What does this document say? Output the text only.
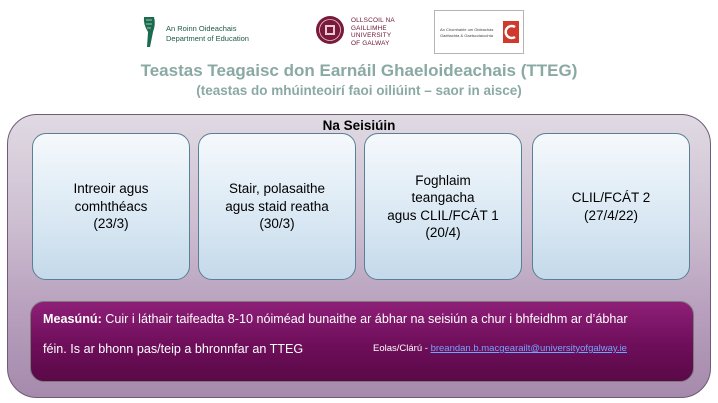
An Roinn Oideachais
Department of Education
OLLSCOIL NA
GAILLIMHE
UNIVERSITY
OF GALWAY
An Chomhairle um Oideachas
Gaeltachta & Gaelscolaíochta
Teastas Teagaisc don Earnáil Ghaeloideachais (TTEG)
(teastas do mhúinteoirí faoi oiliúint – saor in aisce)
Na Seisiúin
Intreoir agus
comhthéacs
(23/3)
Stair, polasaithe
agus staid reatha
(30/3)
Foghlaim
teangacha
agus CLIL/FCÁT 1
(20/4)
CLIL/FCÁT 2
(27/4/22)
Measúnú: Cuir i láthair taifeadta 8-10 nóiméad bunaithe ar ábhar na seisiún a chur i bhfeidhm ar d’ábhar
féin. Is ar bhonn pas/teip a bhronnfar an TTEG	Eolas/Clárú - breandan.b.macgearailt@universityofgalway.ie
